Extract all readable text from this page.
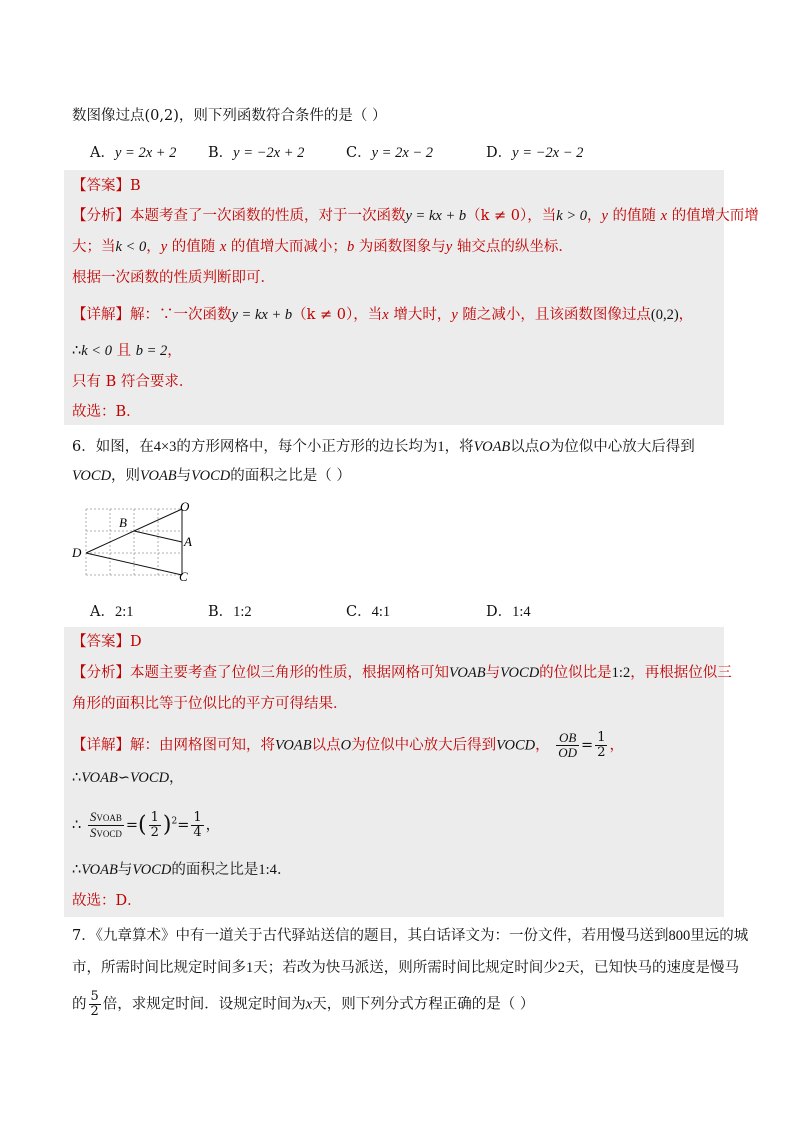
数图像过点(0,2)，则下列函数符合条件的是（ ）
A．y = 2x + 2 B．y = −2x + 2	C．y = 2x − 2	D．y = −2x − 2
【答案】B
【分析】本题考查了一次函数的性质，对于一次函数y = kx + b（k ≠ 0），当k > 0，y 的值随 x 的值增大而增
大；当k < 0，y 的值随 x 的值增大而减小；b 为函数图象与y 轴交点的纵坐标．
根据一次函数的性质判断即可．
【详解】解：∵一次函数y = kx + b（k ≠ 0），当x 增大时，y 随之减小，且该函数图像过点(0,2)，
∴k < 0 且 b = 2，
只有 B 符合要求．
故选：B．
6．如图，在4×3的方形网格中，每个小正方形的边长均为1，将VOAB以点O为位似中心放大后得到
VOCD，则VOAB与VOCD的面积之比是（ ）
O
B
A
D
C
A．2:1	B．1:2	C．4:1	D．1:4
【答案】D
【分析】本题主要考查了位似三角形的性质，根据网格可知VOAB与VOCD的位似比是1:2，再根据位似三
角形的面积比等于位似比的平方可得结果．
【详解】解：由网格图可知，将VOAB以点O为位似中心放大后得到VOCD， $\frac{OB}{OD} = \frac{1}{2}$ ，
∴VOAB∽VOCD，
∴ $\frac{\text{SVOAB}}{\text{SVOCD}}$ =( $\frac{1}{2} )^2= \frac{1}{4}$ ，
∴VOAB与VOCD的面积之比是1:4．
故选：D．
7．《九章算术》中有一道关于古代驿站送信的题目，其白话译文为：一份文件，若用慢马送到800里远的城
市，所需时间比规定时间多1天；若改为快马派送，则所需时间比规定时间少2天，已知快马的速度是慢马
的 $\frac{5}{2}$ 倍，求规定时间．设规定时间为x天，则下列分式方程正确的是（ ）
